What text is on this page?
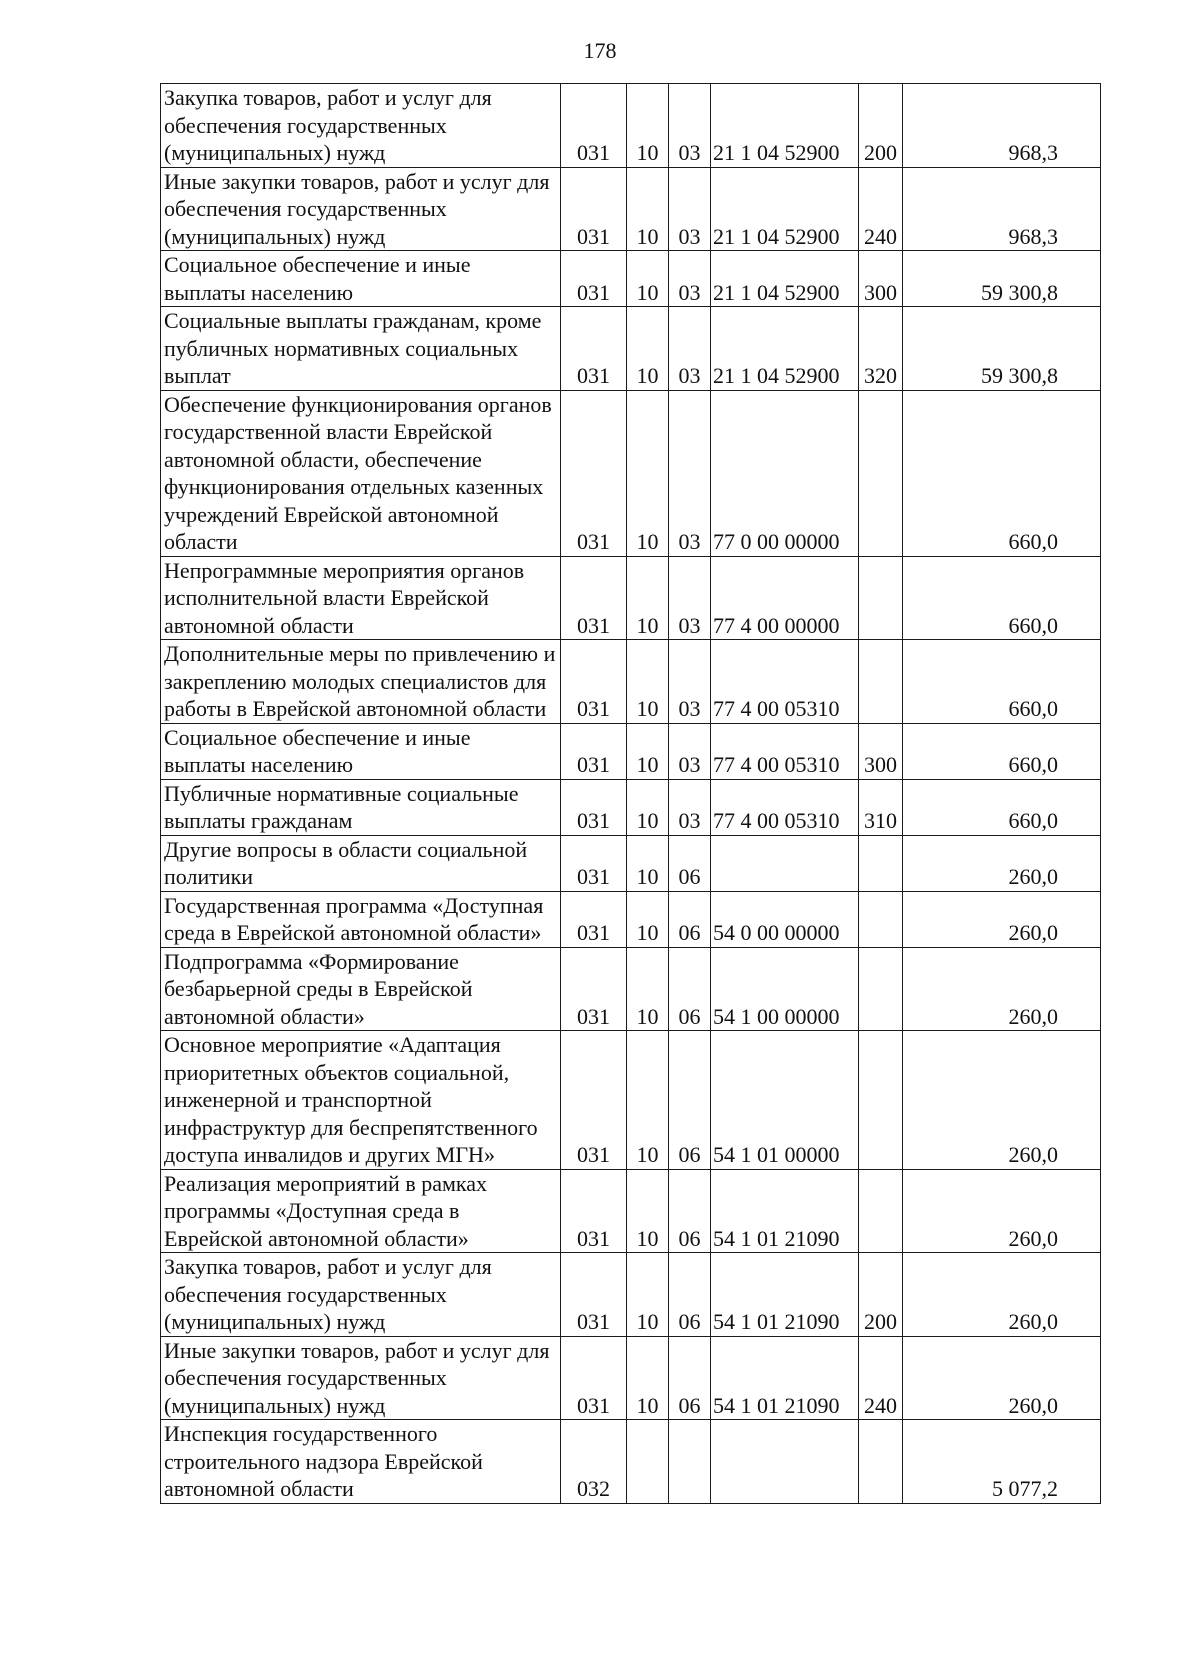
178
Закупка товаров, работ и услуг для обеспечения государственных (муниципальных) нужд	031	10	03	21 1 04 52900	200	968,3
Иные закупки товаров, работ и услуг для обеспечения государственных (муниципальных) нужд	031	10	03	21 1 04 52900	240	968,3
Социальное обеспечение и иные выплаты населению	031	10	03	21 1 04 52900	300	59 300,8
Социальные выплаты гражданам, кроме публичных нормативных социальных выплат	031	10	03	21 1 04 52900	320	59 300,8
Обеспечение функционирования органов государственной власти Еврейской автономной области, обеспечение функционирования отдельных казенных учреждений Еврейской автономной области	031	10	03	77 0 00 00000		660,0
Непрограммные мероприятия органов исполнительной власти Еврейской автономной области	031	10	03	77 4 00 00000		660,0
Дополнительные меры по привлечению и закреплению молодых специалистов для работы в Еврейской автономной области	031	10	03	77 4 00 05310		660,0
Социальное обеспечение и иные выплаты населению	031	10	03	77 4 00 05310	300	660,0
Публичные нормативные социальные выплаты гражданам	031	10	03	77 4 00 05310	310	660,0
Другие вопросы в области социальной политики	031	10	06			260,0
Государственная программа «Доступная среда в Еврейской автономной области»	031	10	06	54 0 00 00000		260,0
Подпрограмма «Формирование безбарьерной среды в Еврейской автономной области»	031	10	06	54 1 00 00000		260,0
Основное мероприятие «Адаптация приоритетных объектов социальной, инженерной и транспортной инфраструктур для беспрепятственного доступа инвалидов и других МГН»	031	10	06	54 1 01 00000		260,0
Реализация мероприятий в рамках программы «Доступная среда в Еврейской автономной области»	031	10	06	54 1 01 21090		260,0
Закупка товаров, работ и услуг для обеспечения государственных (муниципальных) нужд	031	10	06	54 1 01 21090	200	260,0
Иные закупки товаров, работ и услуг для обеспечения государственных (муниципальных) нужд	031	10	06	54 1 01 21090	240	260,0
Инспекция государственного строительного надзора Еврейской автономной области	032					5 077,2
